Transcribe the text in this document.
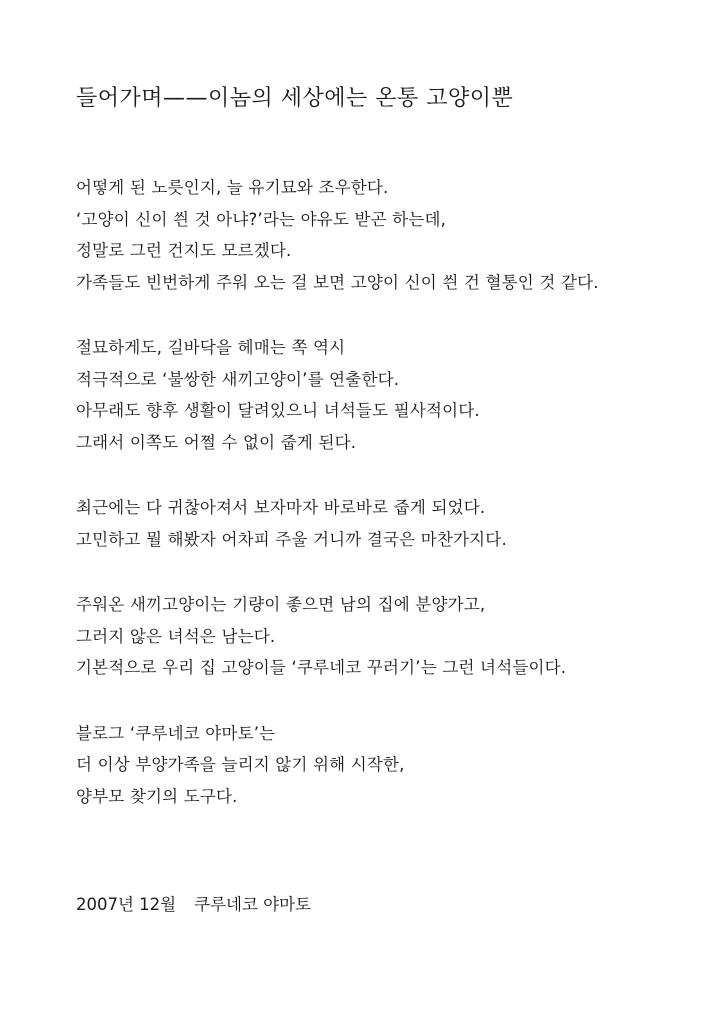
들어가며——이놈의 세상에는 온통 고양이뿐
어떻게 된 노릇인지, 늘 유기묘와 조우한다.
‘고양이 신이 씐 것 아냐?’라는 야유도 받곤 하는데,
정말로 그런 건지도 모르겠다.
가족들도 빈번하게 주워 오는 걸 보면 고양이 신이 씐 건 혈통인 것 같다.
절묘하게도, 길바닥을 헤매는 쪽 역시
적극적으로 ‘불쌍한 새끼고양이’를 연출한다.
아무래도 향후 생활이 달려있으니 녀석들도 필사적이다.
그래서 이쪽도 어쩔 수 없이 줍게 된다.
최근에는 다 귀찮아져서 보자마자 바로바로 줍게 되었다.
고민하고 뭘 해봤자 어차피 주울 거니까 결국은 마찬가지다.
주워온 새끼고양이는 기량이 좋으면 남의 집에 분양가고,
그러지 않은 녀석은 남는다.
기본적으로 우리 집 고양이들 ‘쿠루네코 꾸러기’는 그런 녀석들이다.
블로그 ‘쿠루네코 야마토’는
더 이상 부양가족을 늘리지 않기 위해 시작한,
양부모 찾기의 도구다.
2007년 12월 쿠루네코 야마토
